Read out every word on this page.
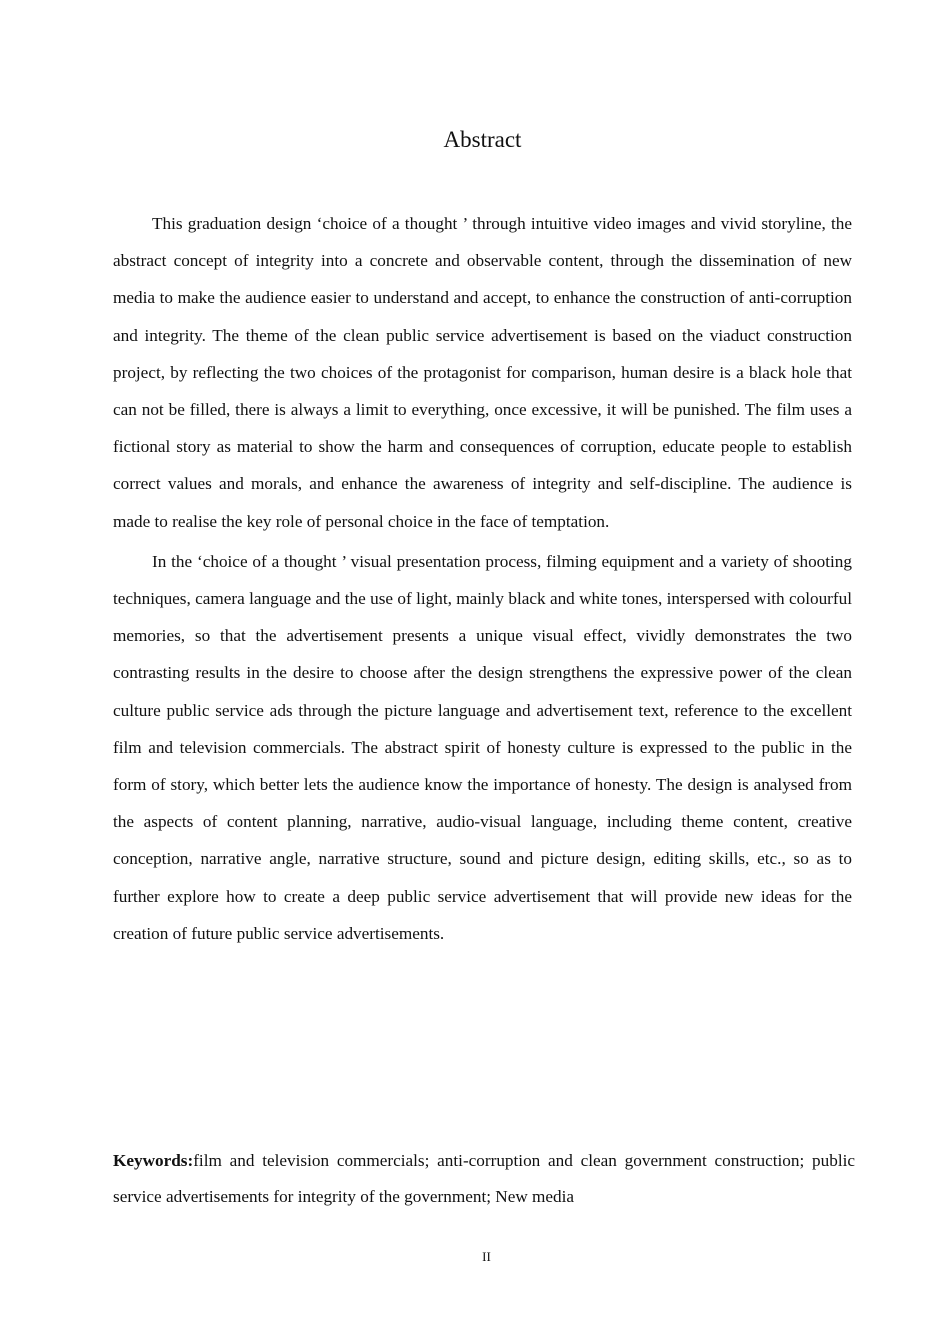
Abstract

This graduation design ‘choice of a thought ’ through intuitive video images and vivid storyline, the abstract concept of integrity into a concrete and observable content, through the dissemination of new media to make the audience easier to understand and accept, to enhance the construction of anti-corruption and integrity. The theme of the clean public service advertisement is based on the viaduct construction project, by reflecting the two choices of the protagonist for comparison, human desire is a black hole that can not be filled, there is always a limit to everything, once excessive, it will be punished. The film uses a fictional story as material to show the harm and consequences of corruption, educate people to establish correct values and morals, and enhance the awareness of integrity and self-discipline. The audience is made to realise the key role of personal choice in the face of temptation.

In the ‘choice of a thought ’ visual presentation process, filming equipment and a variety of shooting techniques, camera language and the use of light, mainly black and white tones, interspersed with colourful memories, so that the advertisement presents a unique visual effect, vividly demonstrates the two contrasting results in the desire to choose after the design strengthens the expressive power of the clean culture public service ads through the picture language and advertisement text, reference to the excellent film and television commercials. The abstract spirit of honesty culture is expressed to the public in the form of story, which better lets the audience know the importance of honesty. The design is analysed from the aspects of content planning, narrative, audio-visual language, including theme content, creative conception, narrative angle, narrative structure, sound and picture design, editing skills, etc., so as to further explore how to create a deep public service advertisement that will provide new ideas for the creation of future public service advertisements.

Keywords:film and television commercials; anti-corruption and clean government construction; public service advertisements for integrity of the government; New media

II
